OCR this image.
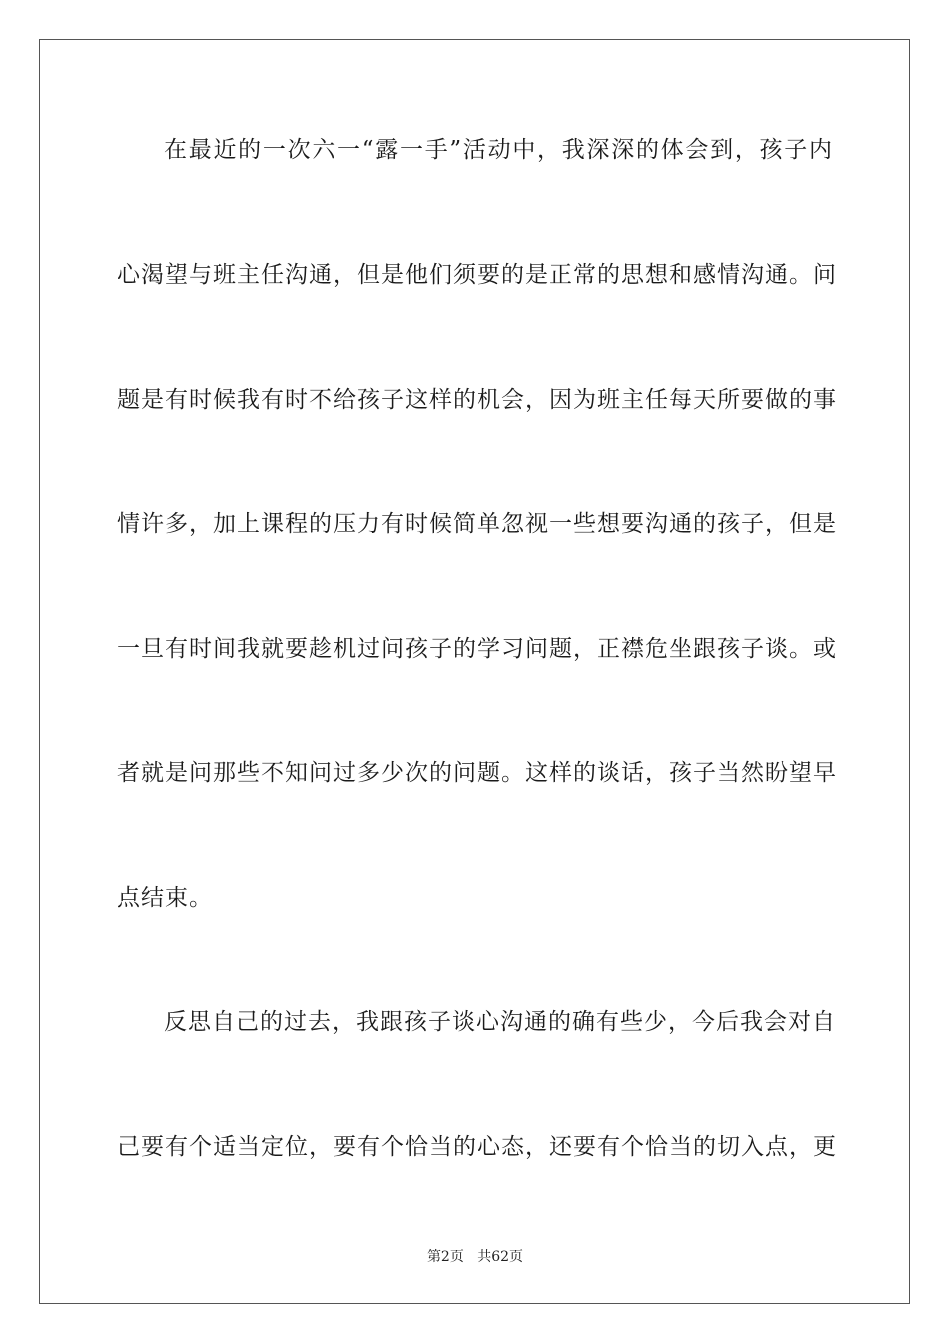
在最近的一次六一“露一手”活动中，我深深的体会到，孩子内
心渴望与班主任沟通，但是他们须要的是正常的思想和感情沟通。问
题是有时候我有时不给孩子这样的机会，因为班主任每天所要做的事
情许多，加上课程的压力有时候简单忽视一些想要沟通的孩子，但是
一旦有时间我就要趁机过问孩子的学习问题，正襟危坐跟孩子谈。或
者就是问那些不知问过多少次的问题。这样的谈话，孩子当然盼望早
点结束。
反思自己的过去，我跟孩子谈心沟通的确有些少，今后我会对自
己要有个适当定位，要有个恰当的心态，还要有个恰当的切入点，更
第2页 共62页
